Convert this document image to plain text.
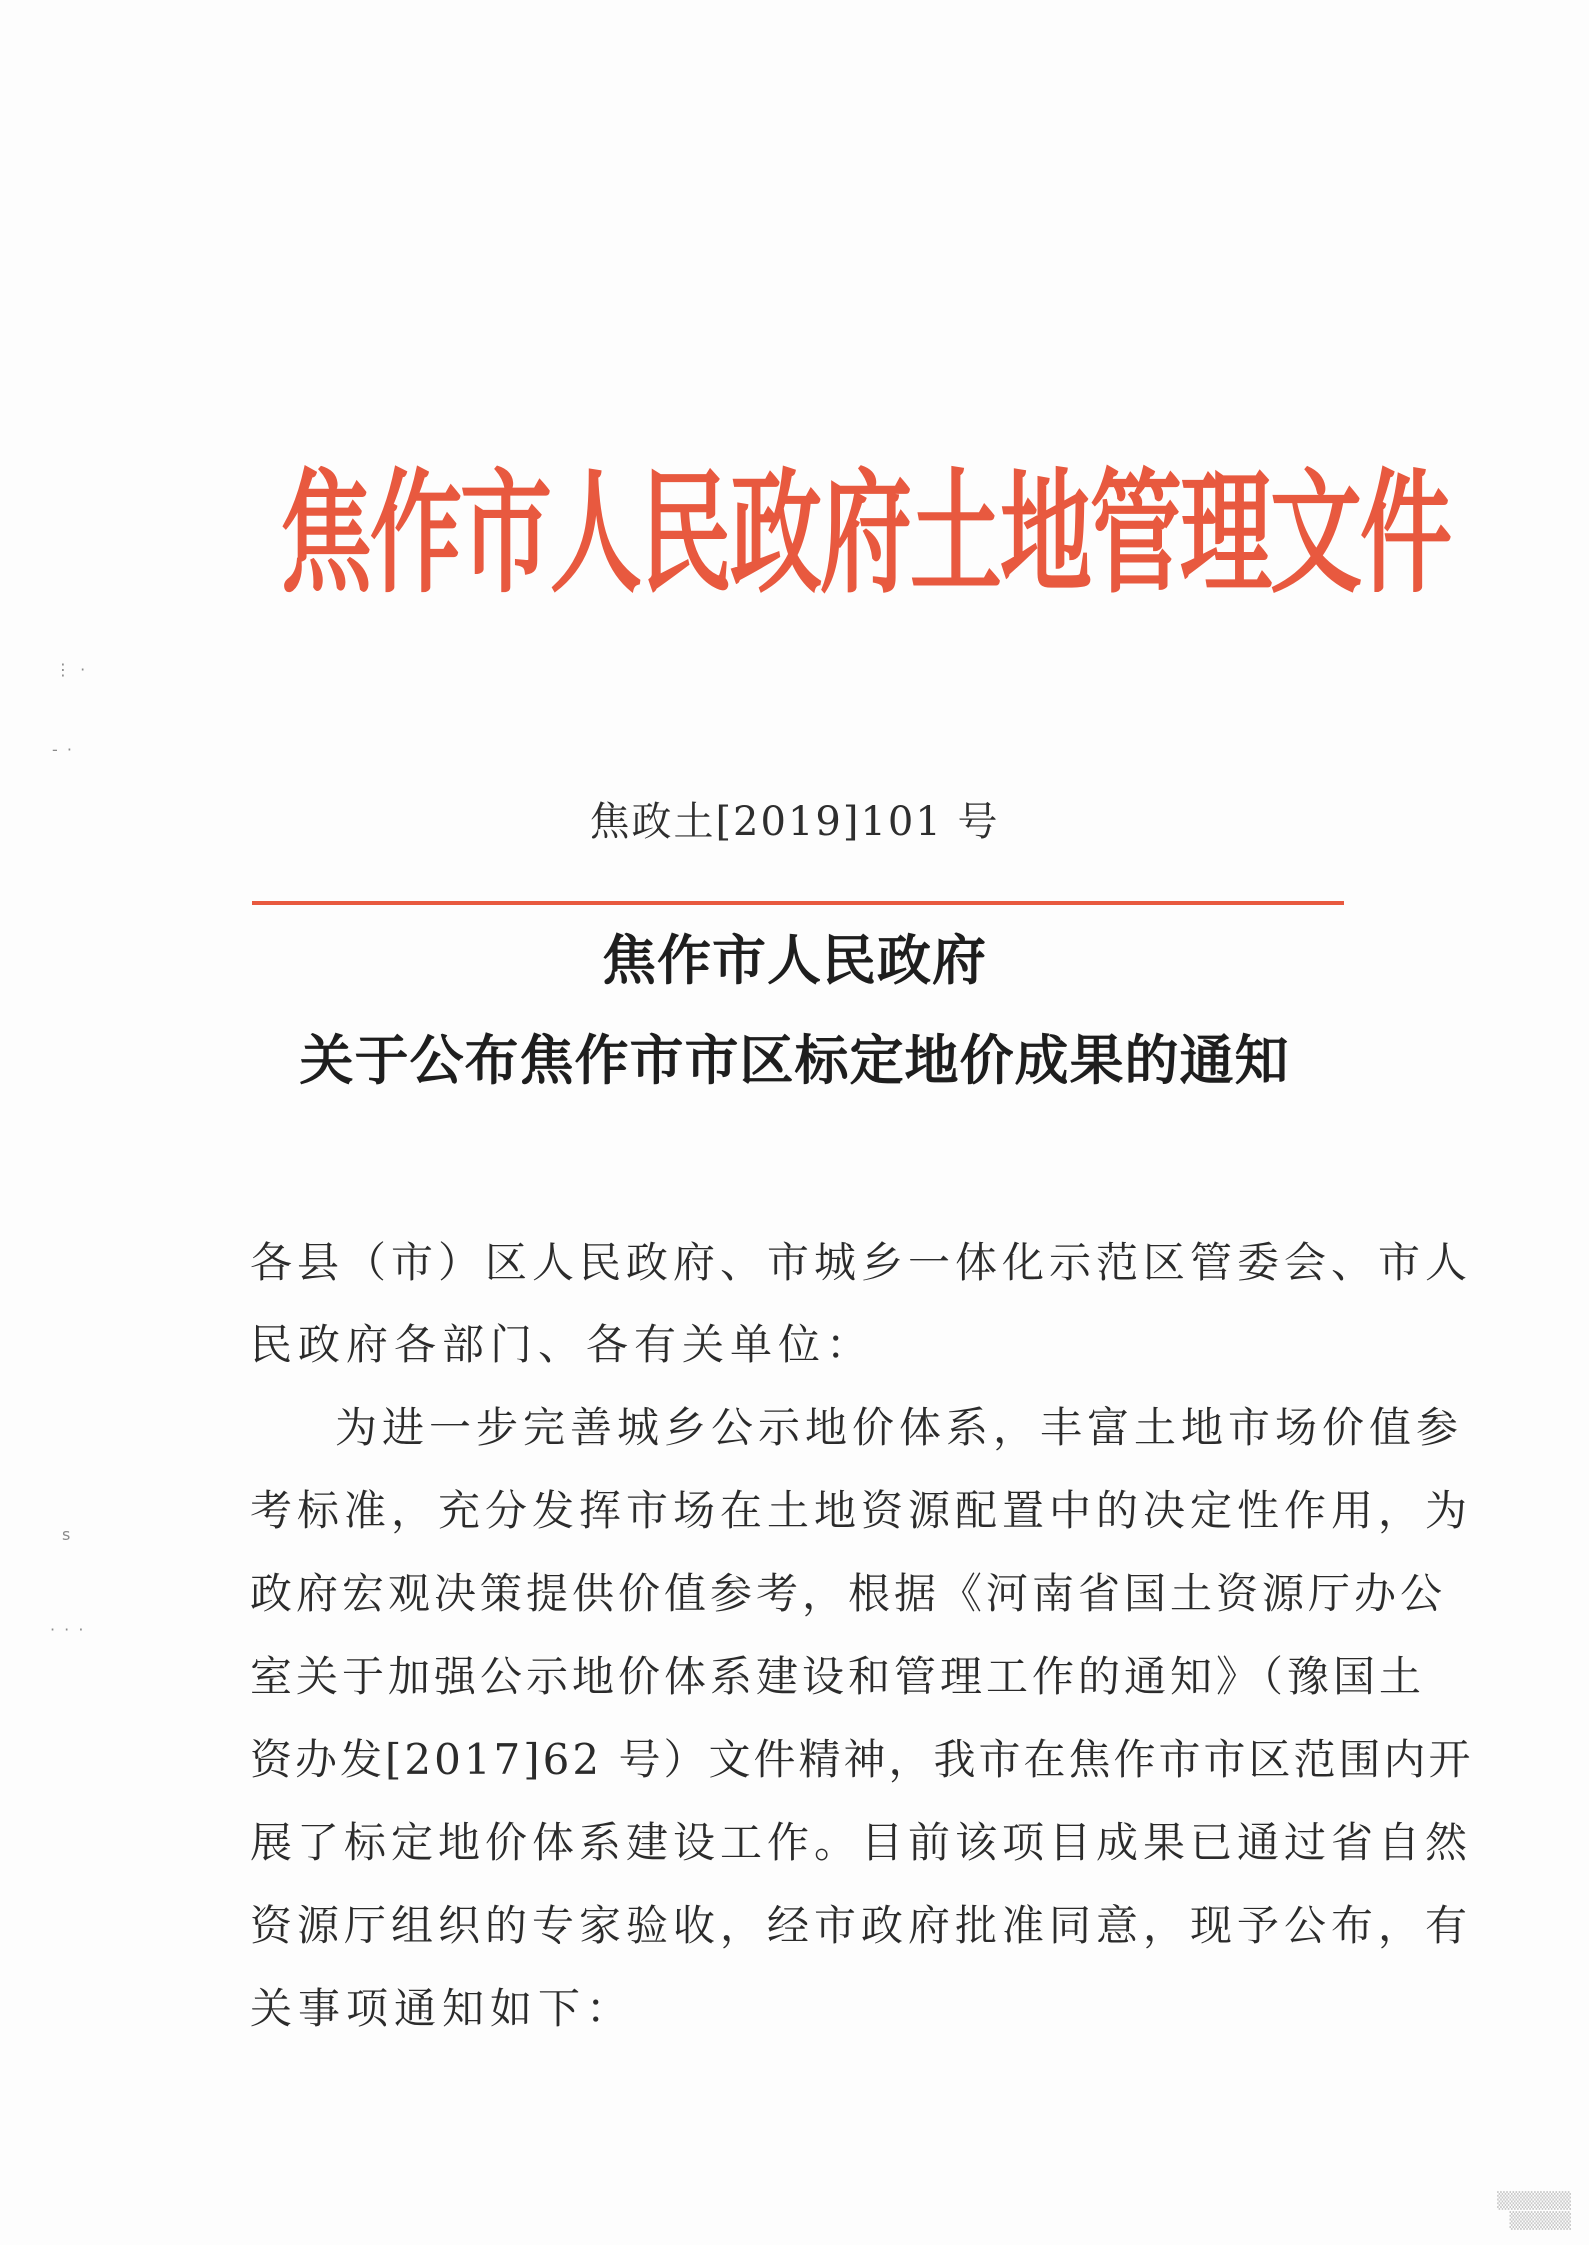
⋮ ·
- ·
s
· · ·
焦作市人民政府土地管理文件
焦政土[2019]101 号
焦作市人民政府
关于公布焦作市市区标定地价成果的通知
各县（市）区人民政府、市城乡一体化示范区管委会、市人
民政府各部门、各有关单位：
为进一步完善城乡公示地价体系，丰富土地市场价值参
考标准，充分发挥市场在土地资源配置中的决定性作用，为
政府宏观决策提供价值参考，根据《河南省国土资源厅办公
室关于加强公示地价体系建设和管理工作的通知》（豫国土
资办发[2017]62 号）文件精神，我市在焦作市市区范围内开
展了标定地价体系建设工作。目前该项目成果已通过省自然
资源厅组织的专家验收，经市政府批准同意，现予公布，有
关事项通知如下：
▒▒▒▒▒▒
▒▒▒▒▒
